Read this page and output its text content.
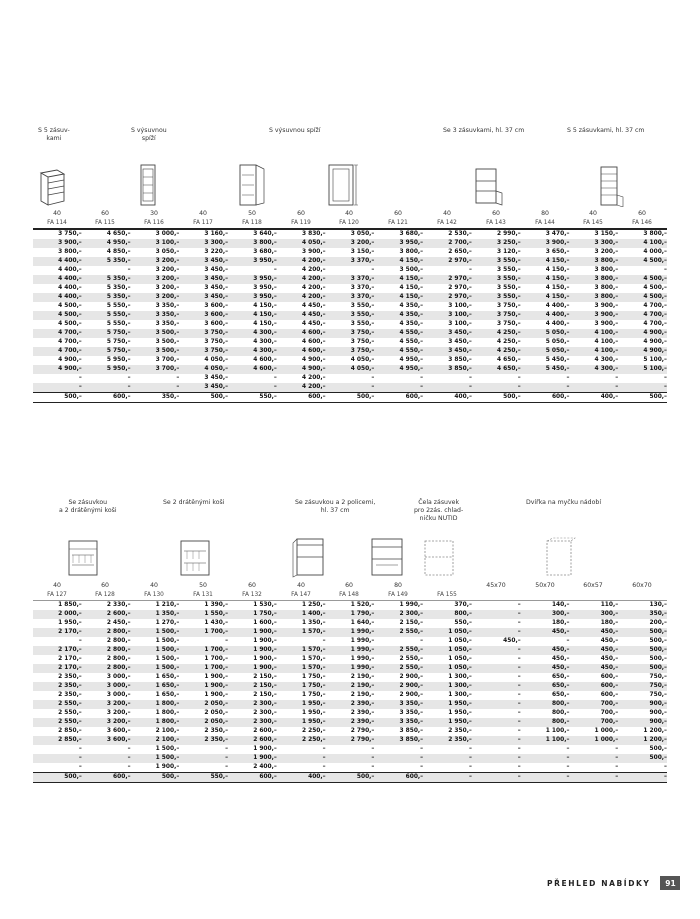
S 5 zásuv-
kami
S výsuvnou
spíží
S výsuvnou spíží	Se 3 zásuvkami, hl. 37 cm	S 5 zásuvkami, hl. 37 cm
40	60	30	40	50	60	40	60	40	60	80	40	60
FA 114	FA 115	FA 116	FA 117	FA 118	FA 119	FA 120	FA 121	FA 142	FA 143	FA 144	FA 145	FA 146
3 750,–	4 650,–	3 000,–	3 160,–	3 640,–	3 830,–	3 050,–	3 680,–	2 530,–	2 990,–	3 470,–	3 150,–	3 800,–
3 900,–	4 950,–	3 100,–	3 300,–	3 800,–	4 050,–	3 200,–	3 950,–	2 700,–	3 250,–	3 900,–	3 300,–	4 100,–
3 800,–	4 850,–	3 050,–	3 220,–	3 680,–	3 900,–	3 150,–	3 800,–	2 650,–	3 120,–	3 650,–	3 200,–	4 000,–
4 400,–	5 350,–	3 200,–	3 450,–	3 950,–	4 200,–	3 370,–	4 150,–	2 970,–	3 550,–	4 150,–	3 800,–	4 500,–
4 400,–	–	3 200,–	3 450,–	–	4 200,–	–	3 500,–	–	3 550,–	4 150,–	3 800,–	–
4 400,–	5 350,–	3 200,–	3 450,–	3 950,–	4 200,–	3 370,–	4 150,–	2 970,–	3 550,–	4 150,–	3 800,–	4 500,–
4 400,–	5 350,–	3 200,–	3 450,–	3 950,–	4 200,–	3 370,–	4 150,–	2 970,–	3 550,–	4 150,–	3 800,–	4 500,–
4 400,–	5 350,–	3 200,–	3 450,–	3 950,–	4 200,–	3 370,–	4 150,–	2 970,–	3 550,–	4 150,–	3 800,–	4 500,–
4 500,–	5 550,–	3 350,–	3 600,–	4 150,–	4 450,–	3 550,–	4 350,–	3 100,–	3 750,–	4 400,–	3 900,–	4 700,–
4 500,–	5 550,–	3 350,–	3 600,–	4 150,–	4 450,–	3 550,–	4 350,–	3 100,–	3 750,–	4 400,–	3 900,–	4 700,–
4 500,–	5 550,–	3 350,–	3 600,–	4 150,–	4 450,–	3 550,–	4 350,–	3 100,–	3 750,–	4 400,–	3 900,–	4 700,–
4 700,–	5 750,–	3 500,–	3 750,–	4 300,–	4 600,–	3 750,–	4 550,–	3 450,–	4 250,–	5 050,–	4 100,–	4 900,–
4 700,–	5 750,–	3 500,–	3 750,–	4 300,–	4 600,–	3 750,–	4 550,–	3 450,–	4 250,–	5 050,–	4 100,–	4 900,–
4 700,–	5 750,–	3 500,–	3 750,–	4 300,–	4 600,–	3 750,–	4 550,–	3 450,–	4 250,–	5 050,–	4 100,–	4 900,–
4 900,–	5 950,–	3 700,–	4 050,–	4 600,–	4 900,–	4 050,–	4 950,–	3 850,–	4 650,–	5 450,–	4 300,–	5 100,–
4 900,–	5 950,–	3 700,–	4 050,–	4 600,–	4 900,–	4 050,–	4 950,–	3 850,–	4 650,–	5 450,–	4 300,–	5 100,–
–	–	–	3 450,–	–	4 200,–	–	–	–	–	–	–	–
–	–	–	3 450,–	–	4 200,–	–	–	–	–	–	–	–
500,–	600,–	350,–	500,–	550,–	600,–	500,–	600,–	400,–	500,–	600,–	400,–	500,–
Se zásuvkou
a 2 drátěnými koši
Se 2 drátěnými koši	Se zásuvkou a 2 policemi,
hl. 37 cm
Čela zásuvek
pro 2zás. chlad-
ničku NUTID
Dvířka na myčku nádobí
40	60	40	50	60	40	60	80	45x70	50x70	60x57	60x70
FA 127	FA 128	FA 130	FA 131	FA 132	FA 147	FA 148	FA 149	FA 155
1 850,–	2 330,–	1 210,–	1 390,–	1 530,–	1 250,–	1 520,–	1 990,–	370,–	–	140,–	110,–	130,–
2 000,–	2 600,–	1 350,–	1 550,–	1 750,–	1 400,–	1 790,–	2 300,–	800,–	–	300,–	300,–	350,–
1 950,–	2 450,–	1 270,–	1 430,–	1 600,–	1 350,–	1 640,–	2 150,–	550,–	–	180,–	180,–	200,–
2 170,–	2 800,–	1 500,–	1 700,–	1 900,–	1 570,–	1 990,–	2 550,–	1 050,–	–	450,–	450,–	500,–
–	2 800,–	1 500,–	–	1 900,–	–	1 990,–	–	1 050,–	450,–	–	450,–	500,–
2 170,–	2 800,–	1 500,–	1 700,–	1 900,–	1 570,–	1 990,–	2 550,–	1 050,–	–	450,–	450,–	500,–
2 170,–	2 800,–	1 500,–	1 700,–	1 900,–	1 570,–	1 990,–	2 550,–	1 050,–	–	450,–	450,–	500,–
2 170,–	2 800,–	1 500,–	1 700,–	1 900,–	1 570,–	1 990,–	2 550,–	1 050,–	–	450,–	450,–	500,–
2 350,–	3 000,–	1 650,–	1 900,–	2 150,–	1 750,–	2 190,–	2 900,–	1 300,–	–	650,–	600,–	750,–
2 350,–	3 000,–	1 650,–	1 900,–	2 150,–	1 750,–	2 190,–	2 900,–	1 300,–	–	650,–	600,–	750,–
2 350,–	3 000,–	1 650,–	1 900,–	2 150,–	1 750,–	2 190,–	2 900,–	1 300,–	–	650,–	600,–	750,–
2 550,–	3 200,–	1 800,–	2 050,–	2 300,–	1 950,–	2 390,–	3 350,–	1 950,–	–	800,–	700,–	900,–
2 550,–	3 200,–	1 800,–	2 050,–	2 300,–	1 950,–	2 390,–	3 350,–	1 950,–	–	800,–	700,–	900,–
2 550,–	3 200,–	1 800,–	2 050,–	2 300,–	1 950,–	2 390,–	3 350,–	1 950,–	–	800,–	700,–	900,–
2 850,–	3 600,–	2 100,–	2 350,–	2 600,–	2 250,–	2 790,–	3 850,–	2 350,–	–	1 100,–	1 000,–	1 200,–
2 850,–	3 600,–	2 100,–	2 350,–	2 600,–	2 250,–	2 790,–	3 850,–	2 350,–	–	1 100,–	1 000,–	1 200,–
–	–	1 500,–	–	1 900,–	–	–	–	–	–	–	–	500,–
–	–	1 500,–	–	1 900,–	–	–	–	–	–	–	–	500,–
–	–	1 900,–	–	2 400,–	–	–	–	–	–	–	–	–
500,–	600,–	500,–	550,–	600,–	400,–	500,–	600,–	–	–	–	–	–
PŘEHLED NABÍDKY	91
